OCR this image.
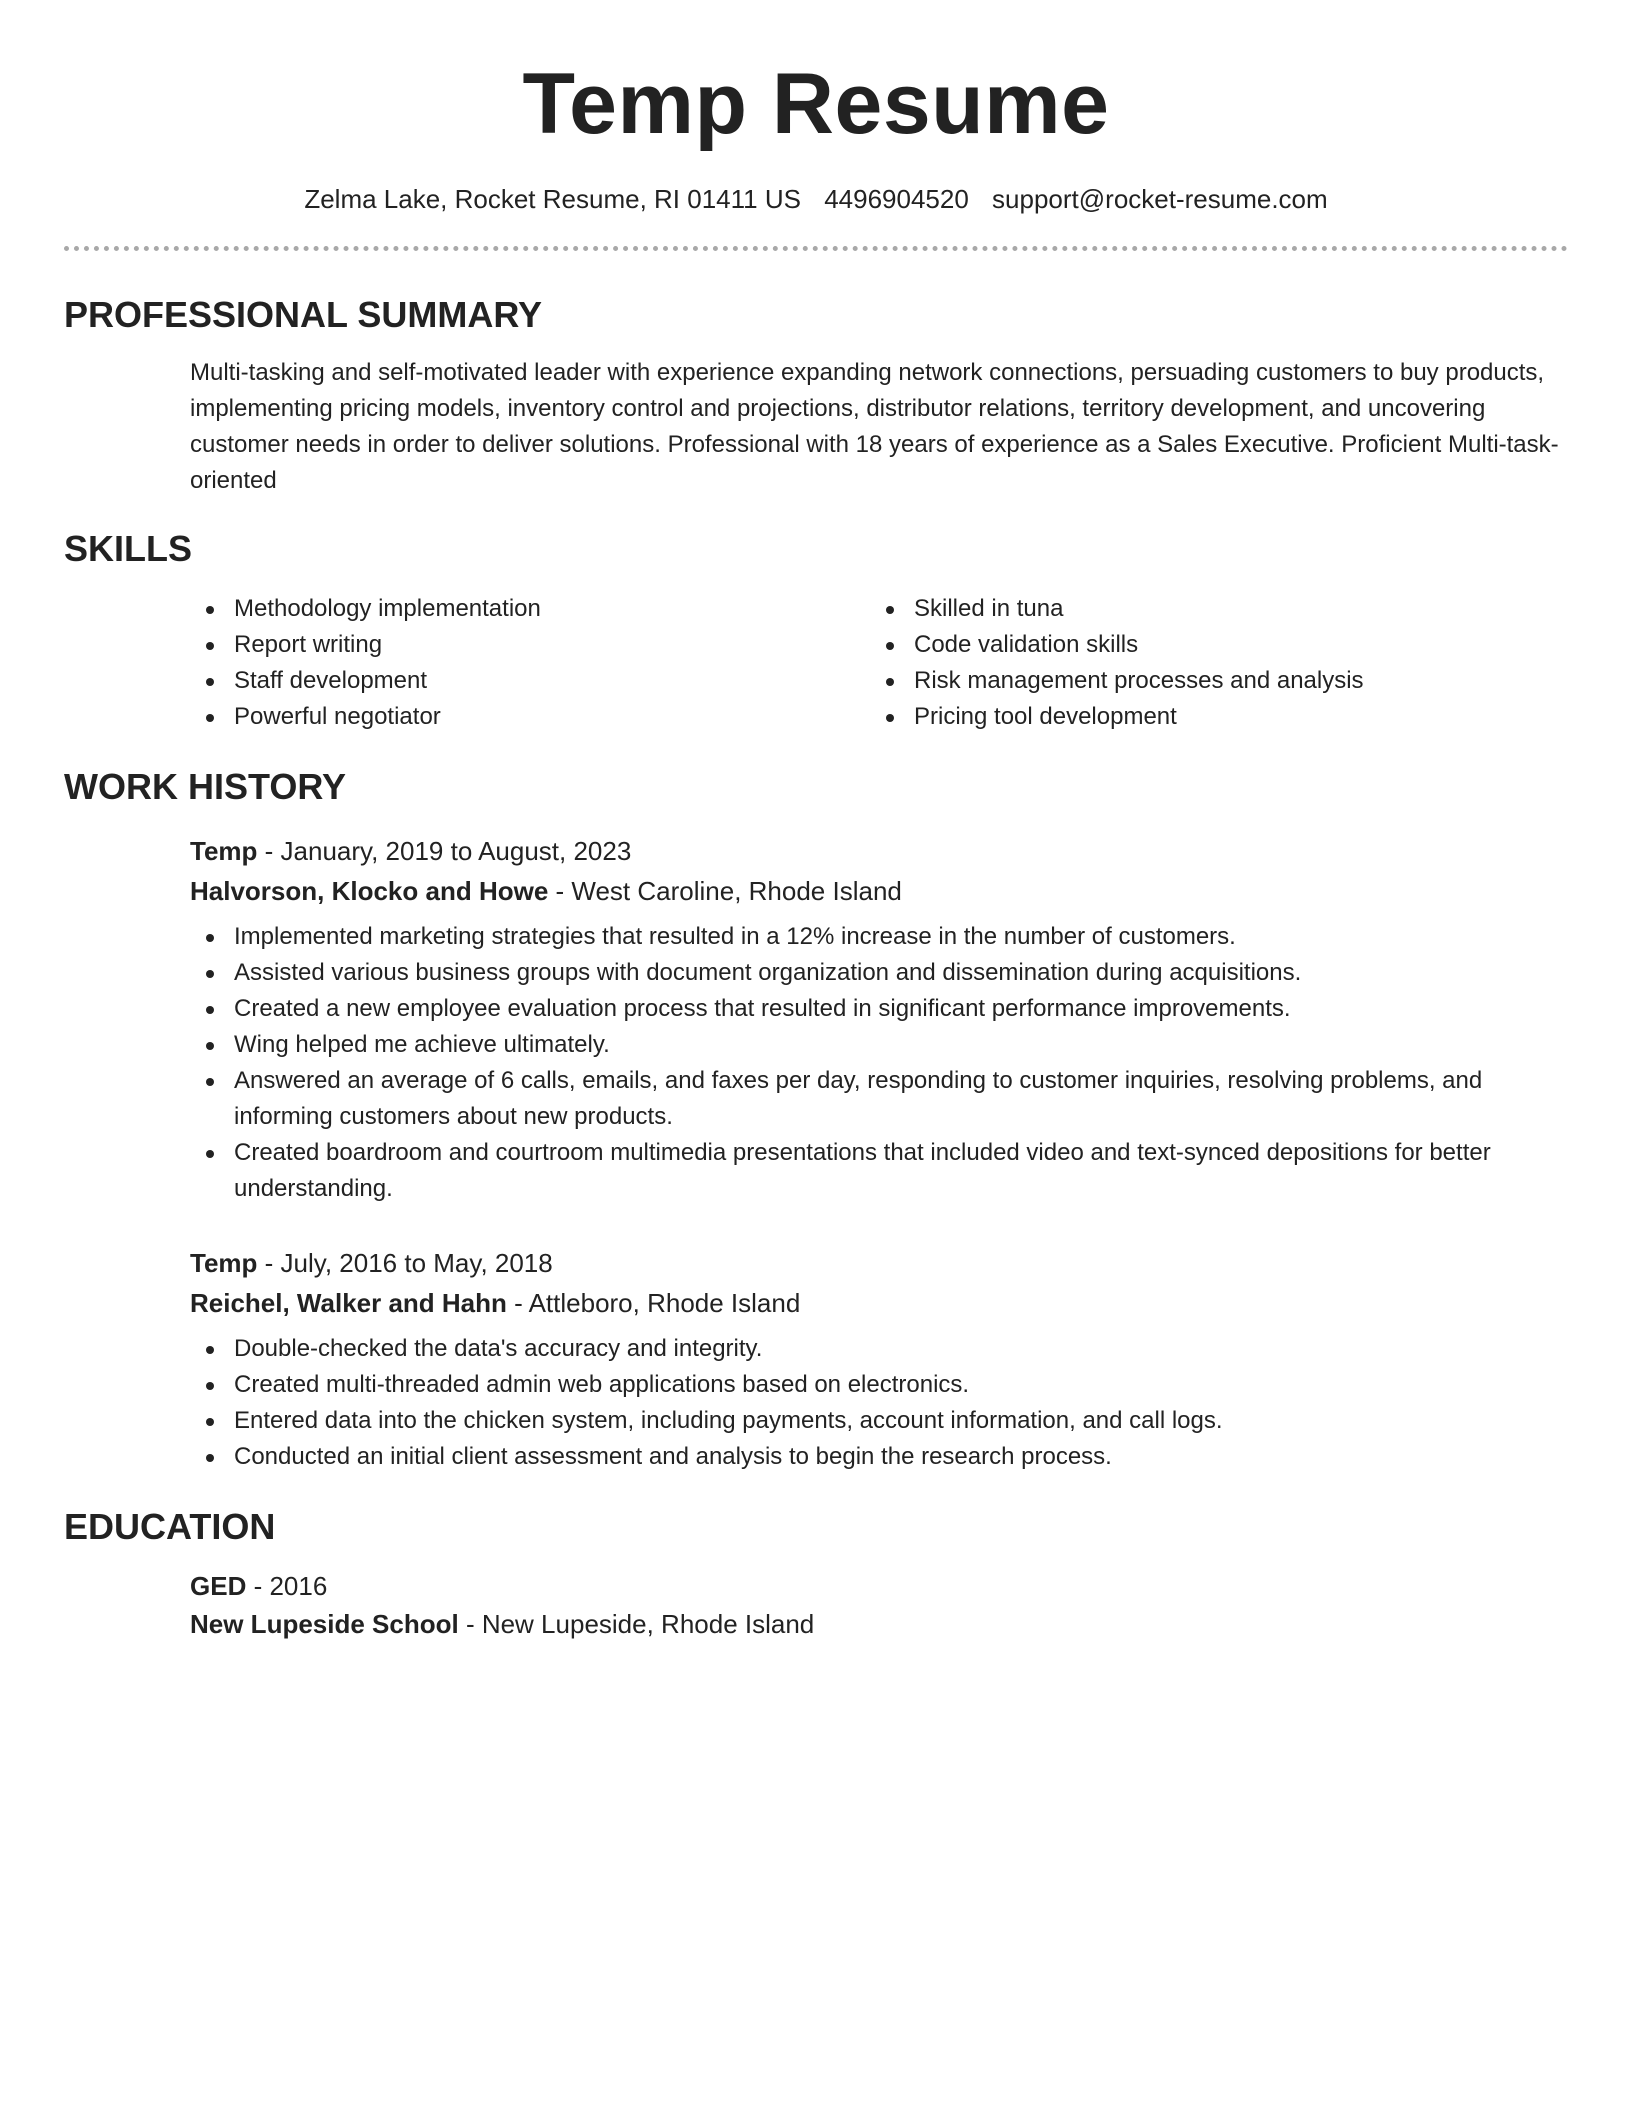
Temp Resume
Zelma Lake, Rocket Resume, RI 01411 US 4496904520 support@rocket-resume.com
PROFESSIONAL SUMMARY
Multi-tasking and self-motivated leader with experience expanding network connections, persuading customers to buy products, implementing pricing models, inventory control and projections, distributor relations, territory development, and uncovering customer needs in order to deliver solutions. Professional with 18 years of experience as a Sales Executive. Proficient Multi-task-oriented
SKILLS
Methodology implementation
Report writing
Staff development
Powerful negotiator
Skilled in tuna
Code validation skills
Risk management processes and analysis
Pricing tool development
WORK HISTORY
Temp - January, 2019 to August, 2023
Halvorson, Klocko and Howe - West Caroline, Rhode Island
Implemented marketing strategies that resulted in a 12% increase in the number of customers.
Assisted various business groups with document organization and dissemination during acquisitions.
Created a new employee evaluation process that resulted in significant performance improvements.
Wing helped me achieve ultimately.
Answered an average of 6 calls, emails, and faxes per day, responding to customer inquiries, resolving problems, and informing customers about new products.
Created boardroom and courtroom multimedia presentations that included video and text-synced depositions for better understanding.
Temp - July, 2016 to May, 2018
Reichel, Walker and Hahn - Attleboro, Rhode Island
Double-checked the data's accuracy and integrity.
Created multi-threaded admin web applications based on electronics.
Entered data into the chicken system, including payments, account information, and call logs.
Conducted an initial client assessment and analysis to begin the research process.
EDUCATION
GED - 2016
New Lupeside School - New Lupeside, Rhode Island
